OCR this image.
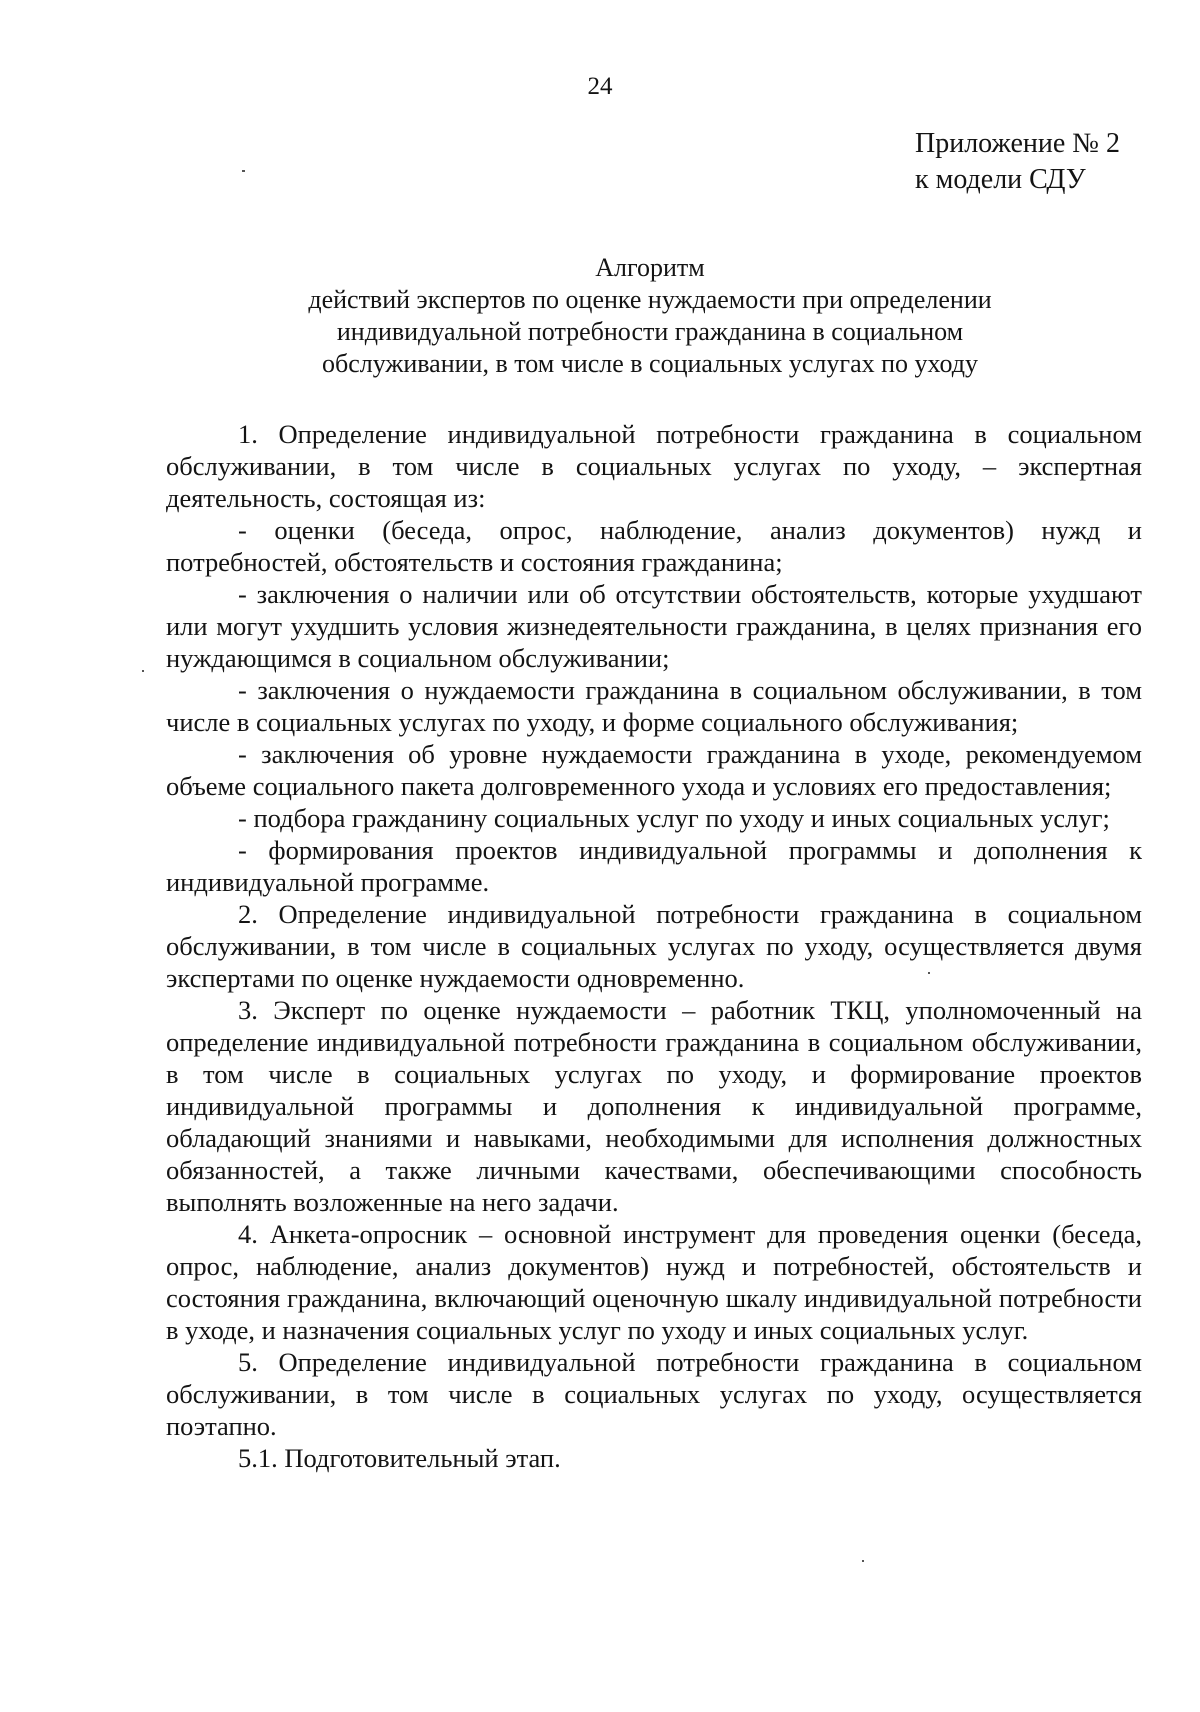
24
Приложение № 2
к модели СДУ
Алгоритм
действий экспертов по оценке нуждаемости при определении
индивидуальной потребности гражданина в социальном
обслуживании, в том числе в социальных услугах по уходу

1. Определение индивидуальной потребности гражданина в социальном обслуживании, в том числе в социальных услугах по уходу, – экспертная деятельность, состоящая из:

- оценки (беседа, опрос, наблюдение, анализ документов) нужд и потребностей, обстоятельств и состояния гражданина;

- заключения о наличии или об отсутствии обстоятельств, которые ухудшают или могут ухудшить условия жизнедеятельности гражданина, в целях признания его нуждающимся в социальном обслуживании;

- заключения о нуждаемости гражданина в социальном обслуживании, в том числе в социальных услугах по уходу, и форме социального обслуживания;

- заключения об уровне нуждаемости гражданина в уходе, рекомендуемом объеме социального пакета долговременного ухода и условиях его предоставления;

- подбора гражданину социальных услуг по уходу и иных социальных услуг;

- формирования проектов индивидуальной программы и дополнения к индивидуальной программе.

2. Определение индивидуальной потребности гражданина в социальном обслуживании, в том числе в социальных услугах по уходу, осуществляется двумя экспертами по оценке нуждаемости одновременно.

3. Эксперт по оценке нуждаемости – работник ТКЦ, уполномоченный на определение индивидуальной потребности гражданина в социальном обслуживании, в том числе в социальных услугах по уходу, и формирование проектов индивидуальной программы и дополнения к индивидуальной программе, обладающий знаниями и навыками, необходимыми для исполнения должностных обязанностей, а также личными качествами, обеспечивающими способность выполнять возложенные на него задачи.

4. Анкета-опросник – основной инструмент для проведения оценки (беседа, опрос, наблюдение, анализ документов) нужд и потребностей, обстоятельств и состояния гражданина, включающий оценочную шкалу индивидуальной потребности в уходе, и назначения социальных услуг по уходу и иных социальных услуг.

5. Определение индивидуальной потребности гражданина в социальном обслуживании, в том числе в социальных услугах по уходу, осуществляется поэтапно.

5.1. Подготовительный этап.
